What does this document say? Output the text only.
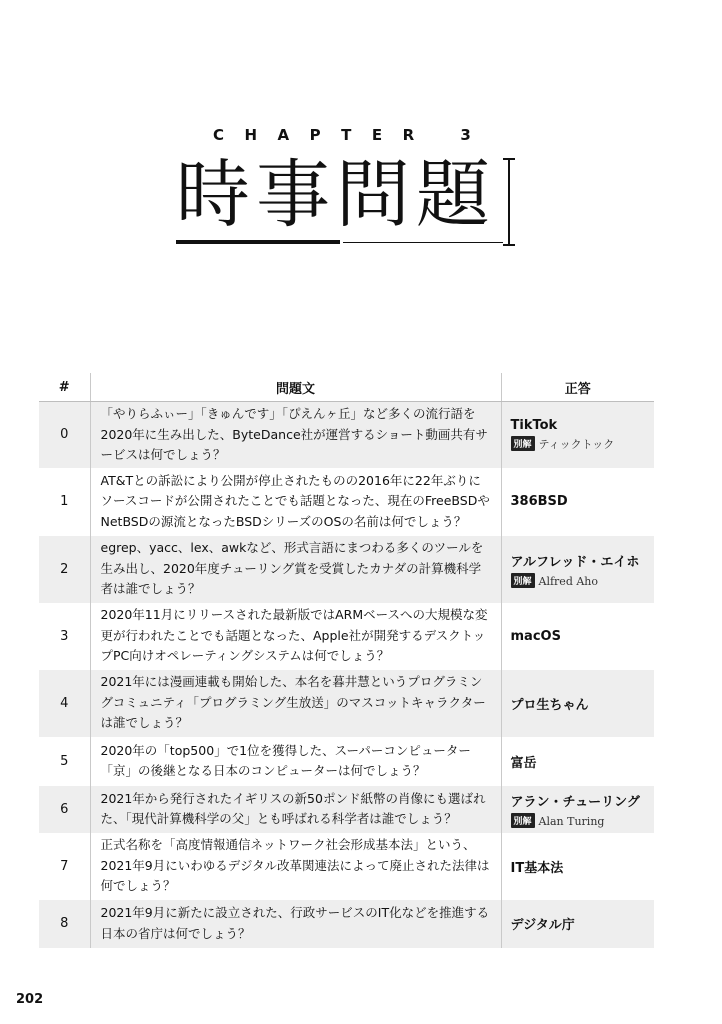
CHAPTER 3
時事問題
#	問題文	正答
0	「やりらふぃー」「きゅんです」「ぴえんヶ丘」など多くの流行語を2020年に生み出した、ByteDance社が運営するショート動画共有サービスは何でしょう？	TikTok
別解 ティックトック

1	AT&Tとの訴訟により公開が停止されたものの2016年に22年ぶりにソースコードが公開されたことでも話題となった、現在のFreeBSDやNetBSDの源流となったBSDシリーズのOSの名前は何でしょう？	386BSD
2	egrep、yacc、lex、awkなど、形式言語にまつわる多くのツールを生み出し、2020年度チューリング賞を受賞したカナダの計算機科学者は誰でしょう？	アルフレッド・エイホ
別解 Alfred Aho

3	2020年11月にリリースされた最新版ではARMベースへの大規模な変更が行われたことでも話題となった、Apple社が開発するデスクトップPC向けオペレーティングシステムは何でしょう？	macOS
4	2021年には漫画連載も開始した、本名を暮井慧というプログラミングコミュニティ「プログラミング生放送」のマスコットキャラクターは誰でしょう？	プロ生ちゃん
5	2020年の「top500」で1位を獲得した、スーパーコンピューター「京」の後継となる日本のコンピューターは何でしょう？	富岳
6	2021年から発行されたイギリスの新50ポンド紙幣の肖像にも選ばれた、「現代計算機科学の父」とも呼ばれる科学者は誰でしょう？	アラン・チューリング
別解 Alan Turing

7	正式名称を「高度情報通信ネットワーク社会形成基本法」という、2021年9月にいわゆるデジタル改革関連法によって廃止された法律は何でしょう？	IT基本法
8	2021年9月に新たに設立された、行政サービスのIT化などを推進する日本の省庁は何でしょう？	デジタル庁
202
